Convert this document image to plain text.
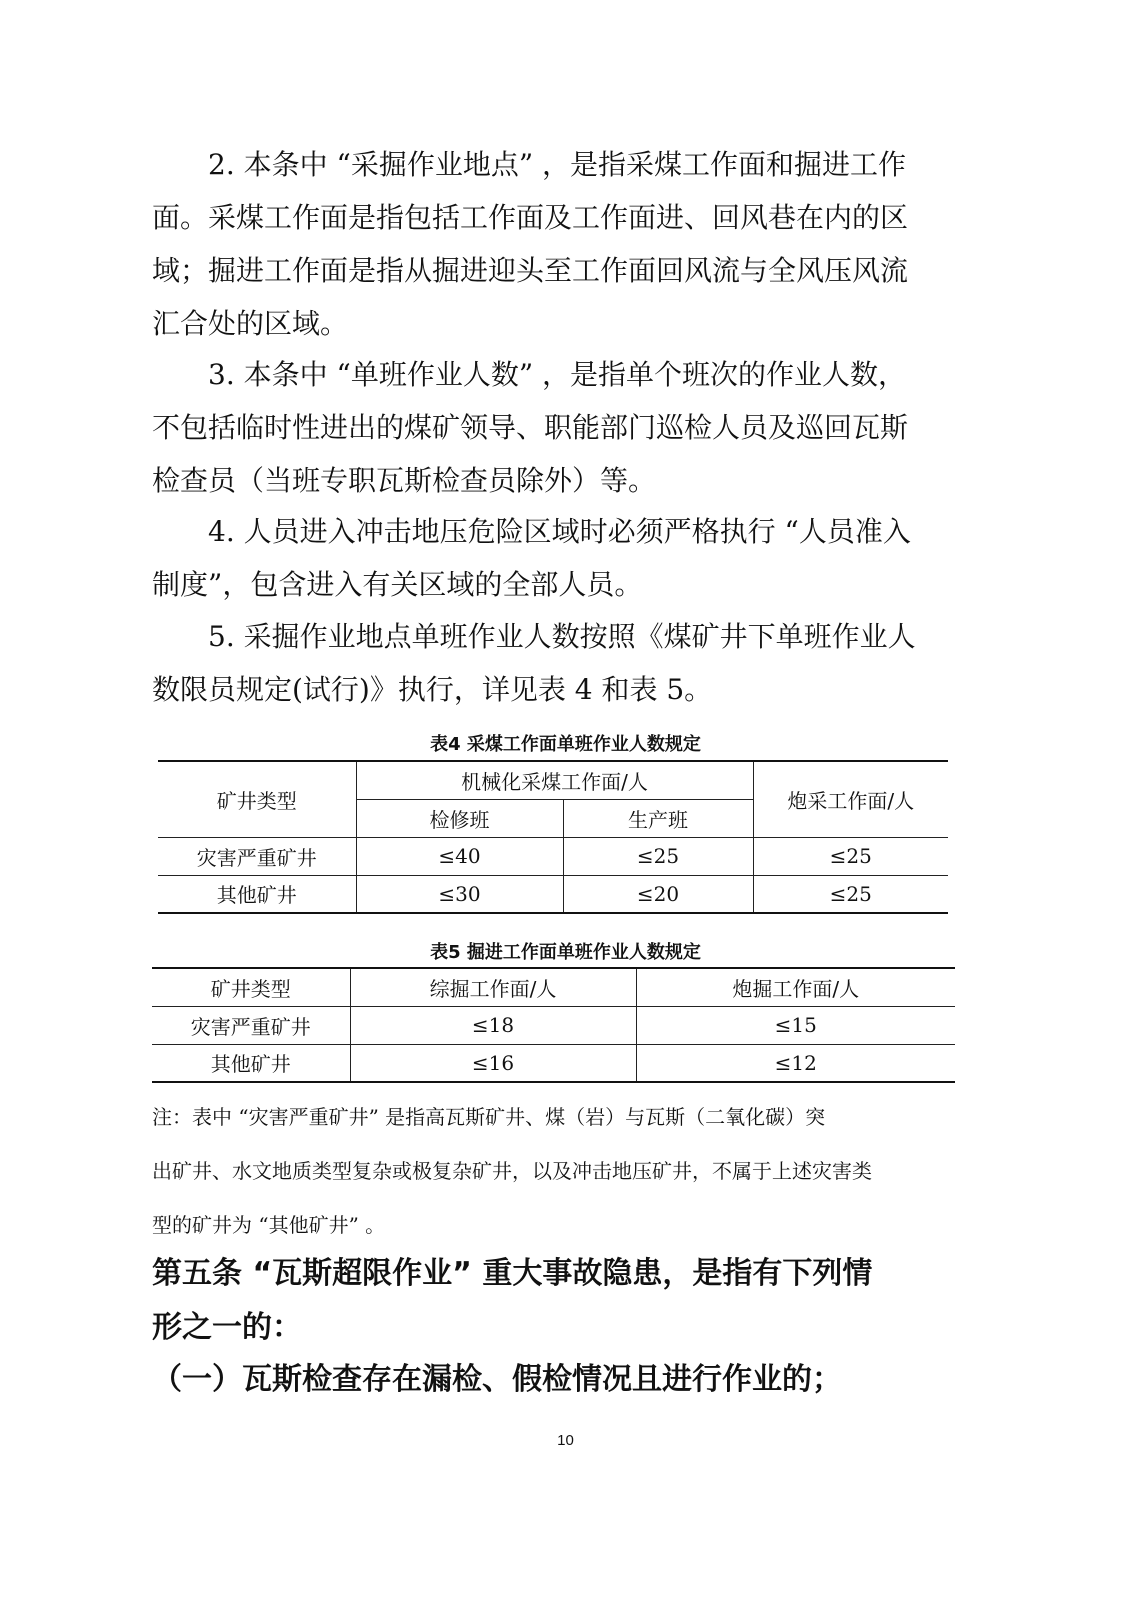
2. 本条中 “采掘作业地点” ，是指采煤工作面和掘进工作
面。采煤工作面是指包括工作面及工作面进、回风巷在内的区
域；掘进工作面是指从掘进迎头至工作面回风流与全风压风流
汇合处的区域。

3. 本条中 “单班作业人数” ，是指单个班次的作业人数，
不包括临时性进出的煤矿领导、职能部门巡检人员及巡回瓦斯
检查员（当班专职瓦斯检查员除外）等。

4. 人员进入冲击地压危险区域时必须严格执行 “人员准入
制度”，包含进入有关区域的全部人员。

5. 采掘作业地点单班作业人数按照《煤矿井下单班作业人
数限员规定(试行)》执行，详见表 4 和表 5。

表4 采煤工作面单班作业人数规定
矿井类型	机械化采煤工作面/人		炮采工作面/人
	检修班	生产班	
灾害严重矿井	≤40	≤25	≤25
其他矿井	≤30	≤20	≤25
表5 掘进工作面单班作业人数规定
矿井类型	综掘工作面/人	炮掘工作面/人
灾害严重矿井	≤18	≤15
其他矿井	≤16	≤12

注：表中 “灾害严重矿井” 是指高瓦斯矿井、煤（岩）与瓦斯（二氧化碳）突
出矿井、水文地质类型复杂或极复杂矿井，以及冲击地压矿井，不属于上述灾害类
型的矿井为 “其他矿井” 。

第五条 “瓦斯超限作业” 重大事故隐患，是指有下列情
形之一的：

（一）瓦斯检查存在漏检、假检情况且进行作业的；

10
